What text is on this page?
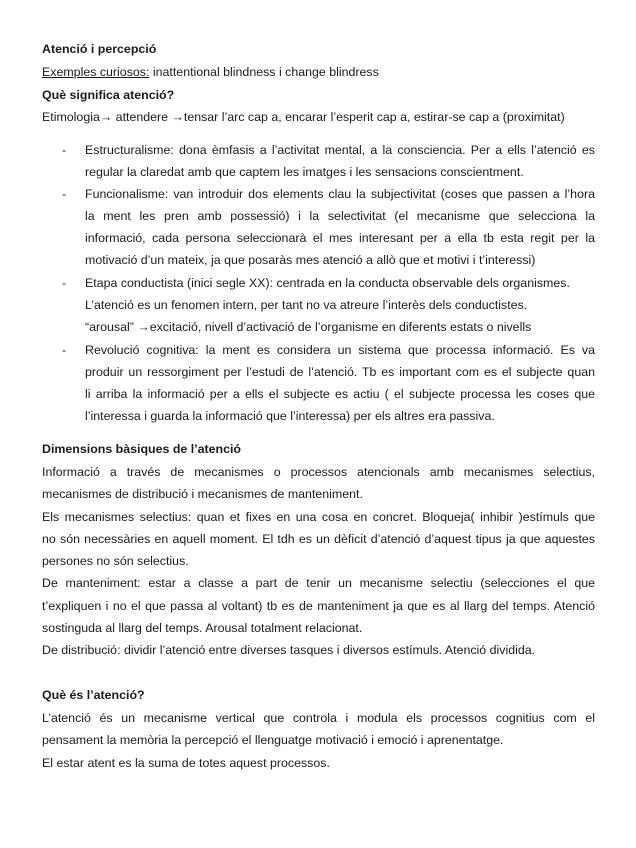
Atenció i percepció
Exemples curiosos: inattentional blindness i change blindress
Què significa atenció?
Etimologia→ attendere →tensar l’arc cap a, encarar l’esperit cap a, estirar-se cap a (proximitat)
- Estructuralisme: dona èmfasis a l’activitat mental, a la consciencia. Per a ells l’atenció es
regular la claredat amb que captem les imatges i les sensacions conscientment.
- Funcionalisme: van introduir dos elements clau la subjectivitat (coses que passen a l’hora
la ment les pren amb possessió) i la selectivitat (el mecanisme que selecciona la
informació, cada persona seleccionarà el mes interesant per a ella tb esta regit per la
motivació d’un mateix, ja que posaràs mes atenció a allò que et motivi i t’interessi)
- Etapa conductista (inici segle XX): centrada en la conducta observable dels organismes.
L’atenció es un fenomen intern, per tant no va atreure l’interès dels conductistes.
“arousal” →excitació, nivell d’activació de l’organisme en diferents estats o nivells
- Revolució cognitiva: la ment es considera un sistema que processa informació. Es va
produir un ressorgiment per l’estudi de l’atenció. Tb es important com es el subjecte quan
li arriba la informació per a ells el subjecte es actiu ( el subjecte processa les coses que
l’interessa i guarda la informació que l’interessa) per els altres era passiva.
Dimensions bàsiques de l’atenció
Informació a través de mecanismes o processos atencionals amb mecanismes selectius,
mecanismes de distribució i mecanismes de manteniment.
Els mecanismes selectius: quan et fixes en una cosa en concret. Bloqueja( inhibir )estímuls que
no són necessàries en aquell moment. El tdh es un dèficit d’atenció d’aquest tipus ja que aquestes
persones no són selectius.
De manteniment: estar a classe a part de tenir un mecanisme selectiu (selecciones el que
t’expliquen i no el que passa al voltant) tb es de manteniment ja que es al llarg del temps. Atenció
sostinguda al llarg del temps. Arousal totalment relacionat.
De distribució: dividir l’atenció entre diverses tasques i diversos estímuls. Atenció dividida.
Què és l’atenció?
L’atenció és un mecanisme vertical que controla i modula els processos cognitius com el
pensament la memòria la percepció el llenguatge motivació i emoció i aprenentatge.
El estar atent es la suma de totes aquest processos.
